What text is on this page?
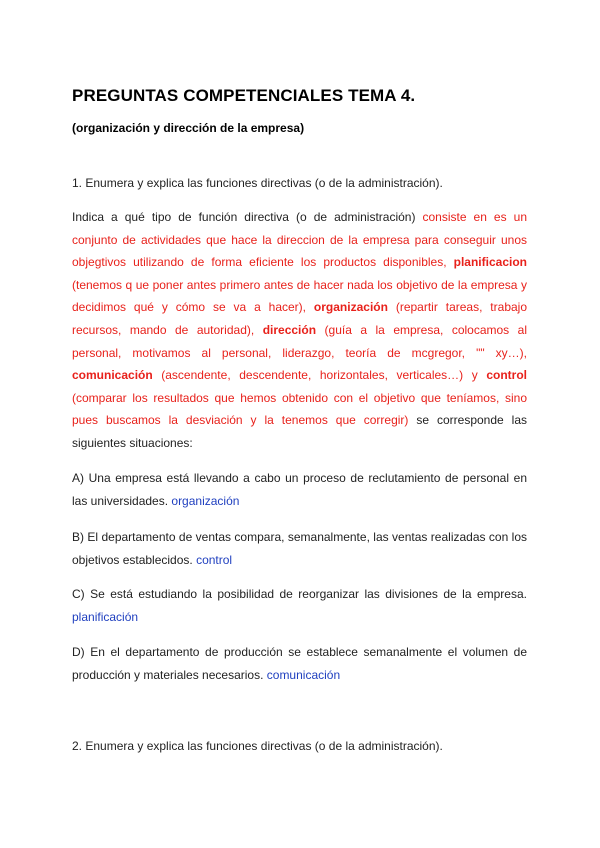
PREGUNTAS COMPETENCIALES TEMA 4.

(organización y dirección de la empresa)

1. Enumera y explica las funciones directivas (o de la administración).

Indica a qué tipo de función directiva (o de administración) consiste en es un conjunto de actividades que hace la direccion de la empresa para conseguir unos objegtivos utilizando de forma eficiente los productos disponibles, planificacion (tenemos q ue poner antes primero antes de hacer nada los objetivo de la empresa y decidimos qué y cómo se va a hacer), organización (repartir tareas, trabajo recursos, mando de autoridad), dirección (guía a la empresa, colocamos al personal, motivamos al personal, liderazgo, teoría de mcgregor, "" xy…), comunicación (ascendente, descendente, horizontales, verticales…) y control (comparar los resultados que hemos obtenido con el objetivo que teníamos, sino pues buscamos la desviación y la tenemos que corregir) se corresponde las siguientes situaciones:

A) Una empresa está llevando a cabo un proceso de reclutamiento de personal en las universidades. organización

B) El departamento de ventas compara, semanalmente, las ventas realizadas con los objetivos establecidos. control

C) Se está estudiando la posibilidad de reorganizar las divisiones de la empresa. planificación

D) En el departamento de producción se establece semanalmente el volumen de producción y materiales necesarios. comunicación

2. Enumera y explica las funciones directivas (o de la administración).
